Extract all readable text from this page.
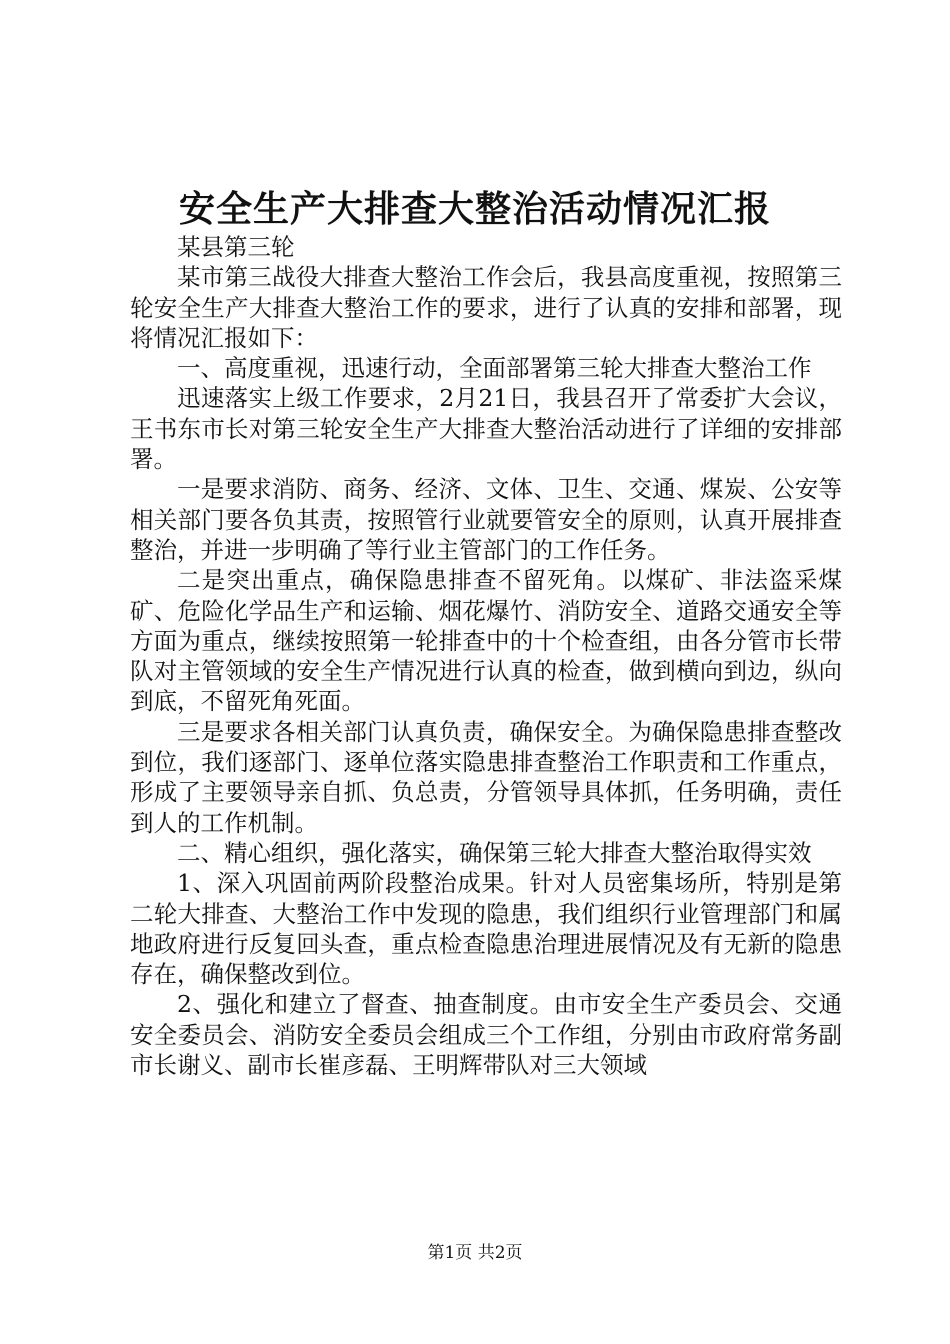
安全生产大排查大整治活动情况汇报

某县第三轮

某市第三战役大排查大整治工作会后，我县高度重视，按照第三轮安全生产大排查大整治工作的要求，进行了认真的安排和部署，现将情况汇报如下：

一、高度重视，迅速行动，全面部署第三轮大排查大整治工作

迅速落实上级工作要求，2月21日，我县召开了常委扩大会议，王书东市长对第三轮安全生产大排查大整治活动进行了详细的安排部署。

一是要求消防、商务、经济、文体、卫生、交通、煤炭、公安等相关部门要各负其责，按照管行业就要管安全的原则，认真开展排查整治，并进一步明确了等行业主管部门的工作任务。

二是突出重点，确保隐患排查不留死角。以煤矿、非法盗采煤矿、危险化学品生产和运输、烟花爆竹、消防安全、道路交通安全等方面为重点，继续按照第一轮排查中的十个检查组，由各分管市长带队对主管领域的安全生产情况进行认真的检查，做到横向到边，纵向到底，不留死角死面。

三是要求各相关部门认真负责，确保安全。为确保隐患排查整改到位，我们逐部门、逐单位落实隐患排查整治工作职责和工作重点，形成了主要领导亲自抓、负总责，分管领导具体抓，任务明确，责任到人的工作机制。

二、精心组织，强化落实，确保第三轮大排查大整治取得实效

1、深入巩固前两阶段整治成果。针对人员密集场所，特别是第二轮大排查、大整治工作中发现的隐患，我们组织行业管理部门和属地政府进行反复回头查，重点检查隐患治理进展情况及有无新的隐患存在，确保整改到位。

2、强化和建立了督查、抽查制度。由市安全生产委员会、交通安全委员会、消防安全委员会组成三个工作组，分别由市政府常务副市长谢义、副市长崔彦磊、王明辉带队对三大领域

第1页 共2页
